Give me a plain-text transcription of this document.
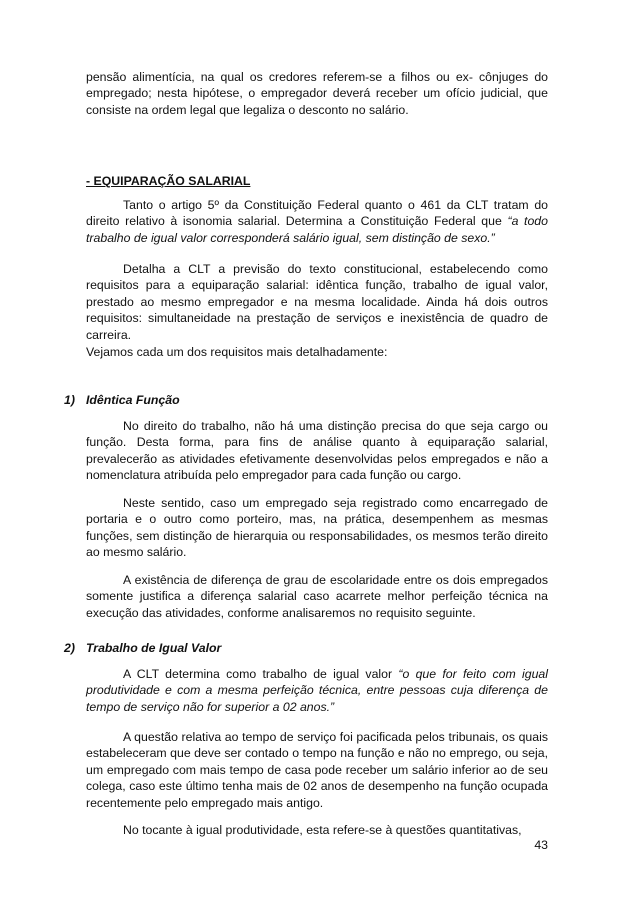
pensão alimentícia, na qual os credores referem-se a filhos ou ex- cônjuges do empregado; nesta hipótese, o empregador deverá receber um ofício judicial, que consiste na ordem legal que legaliza o desconto no salário.

- EQUIPARAÇÃO SALARIAL

Tanto o artigo 5º da Constituição Federal quanto o 461 da CLT tratam do direito relativo à isonomia salarial. Determina a Constituição Federal que “a todo trabalho de igual valor corresponderá salário igual, sem distinção de sexo.”

Detalha a CLT a previsão do texto constitucional, estabelecendo como requisitos para a equiparação salarial: idêntica função, trabalho de igual valor, prestado ao mesmo empregador e na mesma localidade. Ainda há dois outros requisitos: simultaneidade na prestação de serviços e inexistência de quadro de carreira.

Vejamos cada um dos requisitos mais detalhadamente:

1) Idêntica Função

No direito do trabalho, não há uma distinção precisa do que seja cargo ou função. Desta forma, para fins de análise quanto à equiparação salarial, prevalecerão as atividades efetivamente desenvolvidas pelos empregados e não a nomenclatura atribuída pelo empregador para cada função ou cargo.

Neste sentido, caso um empregado seja registrado como encarregado de portaria e o outro como porteiro, mas, na prática, desempenhem as mesmas funções, sem distinção de hierarquia ou responsabilidades, os mesmos terão direito ao mesmo salário.

A existência de diferença de grau de escolaridade entre os dois empregados somente justifica a diferença salarial caso acarrete melhor perfeição técnica na execução das atividades, conforme analisaremos no requisito seguinte.

2) Trabalho de Igual Valor

A CLT determina como trabalho de igual valor “o que for feito com igual produtividade e com a mesma perfeição técnica, entre pessoas cuja diferença de tempo de serviço não for superior a 02 anos.”

A questão relativa ao tempo de serviço foi pacificada pelos tribunais, os quais estabeleceram que deve ser contado o tempo na função e não no emprego, ou seja, um empregado com mais tempo de casa pode receber um salário inferior ao de seu colega, caso este último tenha mais de 02 anos de desempenho na função ocupada recentemente pelo empregado mais antigo.

No tocante à igual produtividade, esta refere-se à questões quantitativas,

43
